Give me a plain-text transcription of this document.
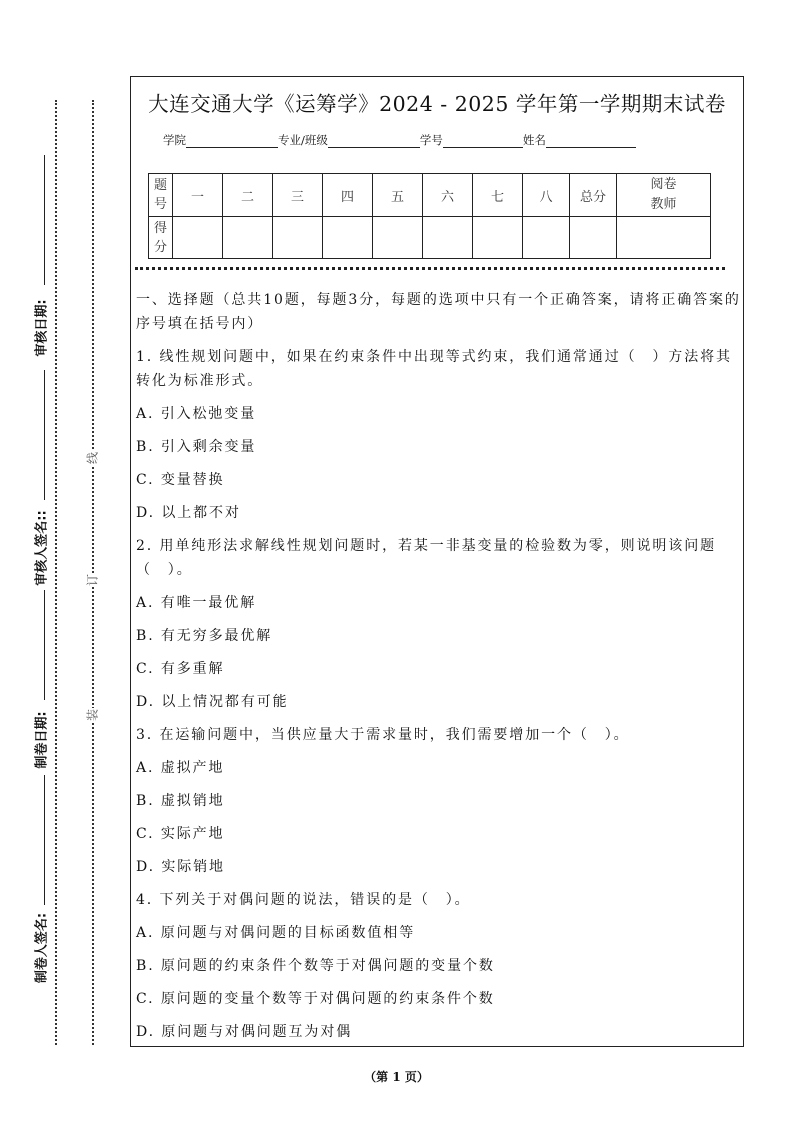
审核日期:
审核人签名::
制卷日期:
制卷人签名:
线
订
装
大连交通大学《运筹学》2024 - 2025 学年第一学期期末试卷
学院	专业/班级	学号	姓名
题号	一	二	三	四	五	六	七	八	总分	阅卷教师
得分										

一、选择题（总共10题，每题3分，每题的选项中只有一个正确答案，请将正确答案的序号填在括号内）

1. 线性规划问题中，如果在约束条件中出现等式约束，我们通常通过（　）方法将其转化为标准形式。

A. 引入松弛变量

B. 引入剩余变量

C. 变量替换

D. 以上都不对

2. 用单纯形法求解线性规划问题时，若某一非基变量的检验数为零，则说明该问题（　）。

A. 有唯一最优解

B. 有无穷多最优解

C. 有多重解

D. 以上情况都有可能

3. 在运输问题中，当供应量大于需求量时，我们需要增加一个（　）。

A. 虚拟产地

B. 虚拟销地

C. 实际产地

D. 实际销地

4. 下列关于对偶问题的说法，错误的是（　）。

A. 原问题与对偶问题的目标函数值相等

B. 原问题的约束条件个数等于对偶问题的变量个数

C. 原问题的变量个数等于对偶问题的约束条件个数

D. 原问题与对偶问题互为对偶

（第 1 页）
